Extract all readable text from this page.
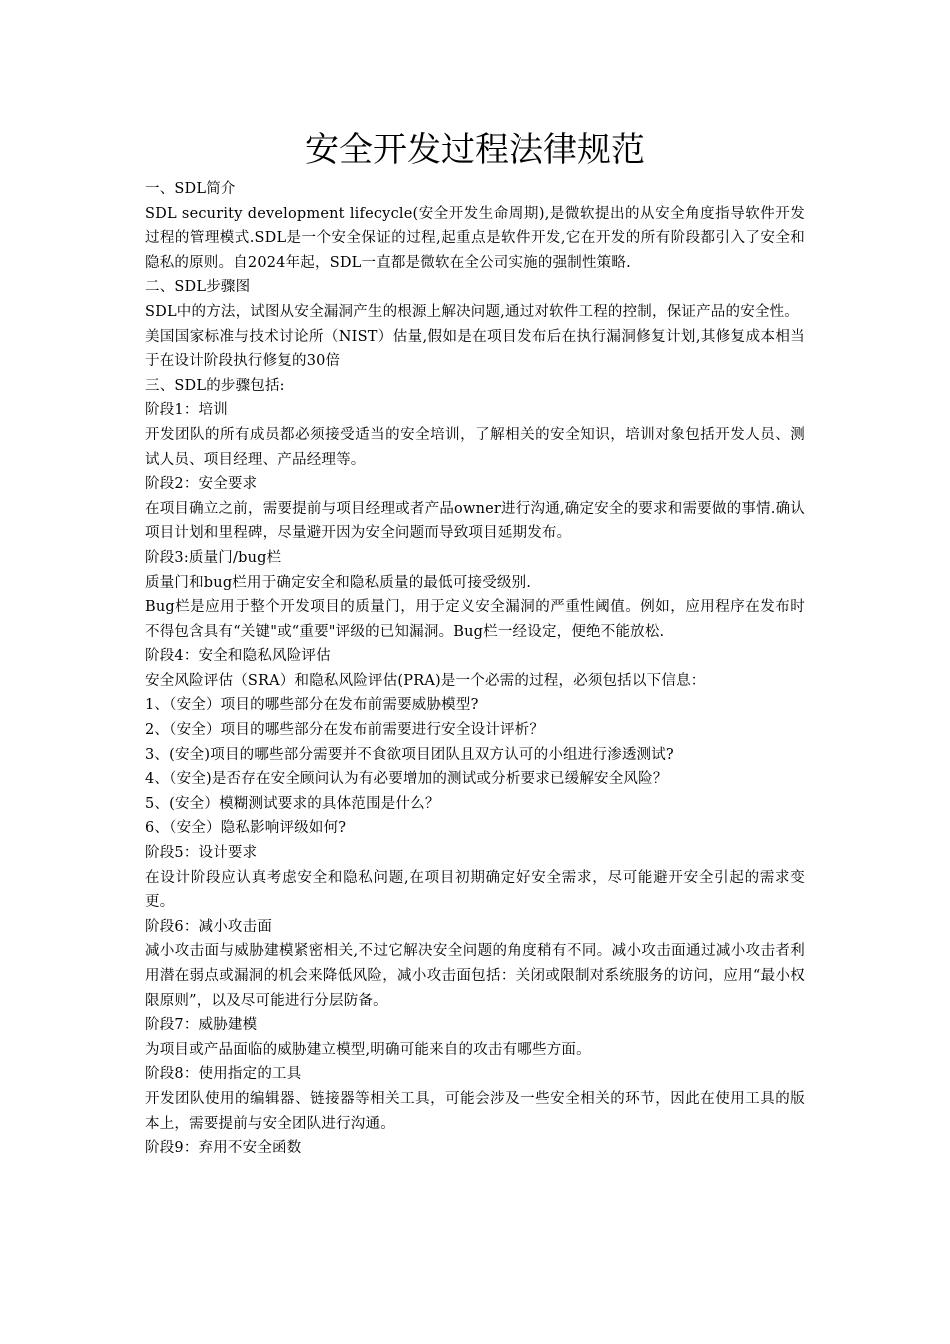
安全开发过程法律规范

一、SDL简介

SDL security development lifecycle(安全开发生命周期),是微软提出的从安全角度指导软件开发过程的管理模式.SDL是一个安全保证的过程,起重点是软件开发,它在开发的所有阶段都引入了安全和隐私的原则。自2024年起，SDL一直都是微软在全公司实施的强制性策略.

二、SDL步骤图

SDL中的方法，试图从安全漏洞产生的根源上解决问题,通过对软件工程的控制，保证产品的安全性。

美国国家标准与技术讨论所（NIST）估量,假如是在项目发布后在执行漏洞修复计划,其修复成本相当于在设计阶段执行修复的30倍

三、SDL的步骤包括:

阶段1：培训

开发团队的所有成员都必须接受适当的安全培训，了解相关的安全知识，培训对象包括开发人员、测试人员、项目经理、产品经理等。

阶段2：安全要求

在项目确立之前，需要提前与项目经理或者产品owner进行沟通,确定安全的要求和需要做的事情.确认项目计划和里程碑，尽量避开因为安全问题而导致项目延期发布。

阶段3:质量门/bug栏

质量门和bug栏用于确定安全和隐私质量的最低可接受级别.

Bug栏是应用于整个开发项目的质量门，用于定义安全漏洞的严重性阈值。例如，应用程序在发布时不得包含具有“关键"或“重要"评级的已知漏洞。Bug栏一经设定，便绝不能放松.

阶段4：安全和隐私风险评估

安全风险评估（SRA）和隐私风险评估(PRA)是一个必需的过程，必须包括以下信息：

1、（安全）项目的哪些部分在发布前需要威胁模型?

2、（安全）项目的哪些部分在发布前需要进行安全设计评析？

3、(安全)项目的哪些部分需要并不食欲项目团队且双方认可的小组进行渗透测试?

4、（安全)是否存在安全顾问认为有必要增加的测试或分析要求已缓解安全风险？

5、(安全）模糊测试要求的具体范围是什么？

6、（安全）隐私影响评级如何?

阶段5：设计要求

在设计阶段应认真考虑安全和隐私问题,在项目初期确定好安全需求，尽可能避开安全引起的需求变更。

阶段6：减小攻击面

减小攻击面与威胁建模紧密相关,不过它解决安全问题的角度稍有不同。减小攻击面通过减小攻击者利用潜在弱点或漏洞的机会来降低风险，减小攻击面包括：关闭或限制对系统服务的访问，应用“最小权限原则”，以及尽可能进行分层防备。

阶段7：威胁建模

为项目或产品面临的威胁建立模型,明确可能来自的攻击有哪些方面。

阶段8：使用指定的工具

开发团队使用的编辑器、链接器等相关工具，可能会涉及一些安全相关的环节，因此在使用工具的版本上，需要提前与安全团队进行沟通。

阶段9：弃用不安全函数
